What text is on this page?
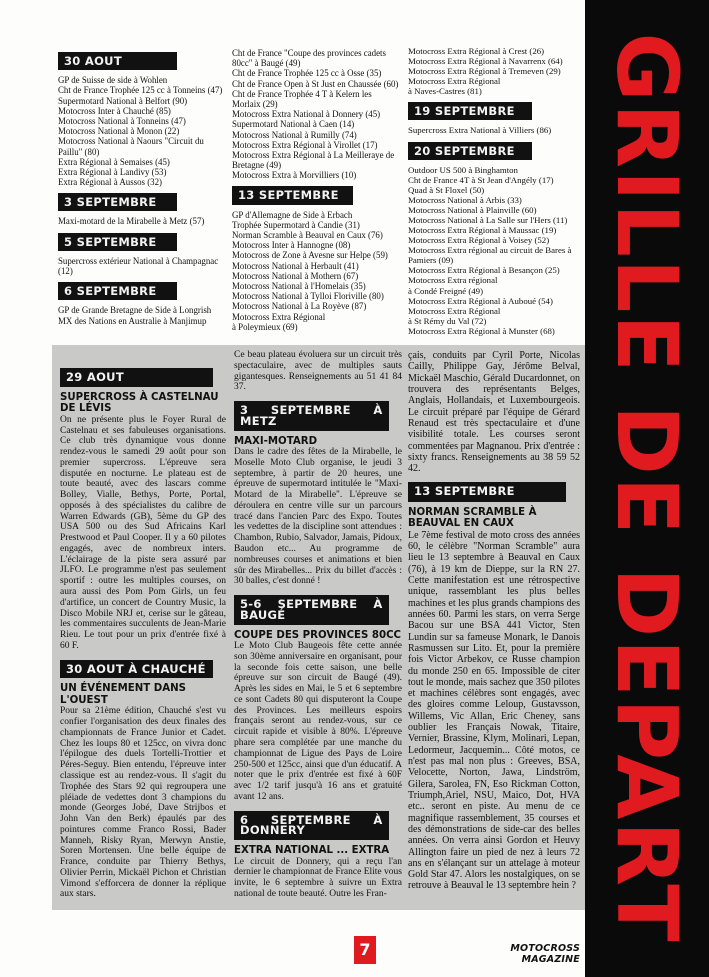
GRILLE DE DEPART
30 AOUT

GP de Suisse de side à Wohlen

Cht de France Trophée 125 cc à Tonneins (47)

Supermotard National à Belfort (90)

Motocross Inter à Chauché (85)

Motocross National à Tonneins (47)

Motocross National à Monon (22)

Motocross National à Naours "Circuit du Paillu" (80)

Extra Régional à Semaises (45)

Extra Régional à Landivy (53)

Extra Régional à Aussos (32)

3 SEPTEMBRE

Maxi-motard de la Mirabelle à Metz (57)

5 SEPTEMBRE

Supercross extérieur National à Champagnac (12)

6 SEPTEMBRE

GP de Grande Bretagne de Side à Longrish

MX des Nations en Australie à Manjimup

Cht de France "Coupe des provinces cadets 80cc" à Baugé (49)

Cht de France Trophée 125 cc à Osse (35)

Cht de France Open à St Just en Chaussée (60)

Cht de France Trophée 4 T à Kelern les Morlaix (29)

Motocross Extra National à Donnery (45)

Supermotard National à Caen (14)

Motocross National à Rumilly (74)

Motocross Extra Régional à Virollet (17)

Motocross Extra Régional à La Meilleraye de Bretagne (49)

Motocross Extra à Morvilliers (10)

13 SEPTEMBRE

GP d'Allemagne de Side à Erbach

Trophée Supermotard à Candie (31)

Norman Scramble à Beauval en Caux (76)

Motocross Inter à Hannogne (08)

Motocross de Zone à Avesne sur Helpe (59)

Motocross National à Herbault (41)

Motocross National à Mothern (67)

Motocross National à l'Homelais (35)

Motocross National à Tylloi Floriville (80)

Motocross National à La Royève (87)

Motocross Extra Régional

à Poleymieux (69)

Motocross Extra Régional à Crest (26)

Motocross Extra Régional à Navarrenx (64)

Motocross Extra Régional à Tremeven (29)

Motocross Extra Régional

à Naves-Castres (81)

19 SEPTEMBRE

Supercross Extra National à Villiers (86)

20 SEPTEMBRE

Outdoor US 500 à Binghamton

Cht de France 4T à St Jean d'Angély (17)

Quad à St Floxel (50)

Motocross National à Arbis (33)

Motocross National à Plainville (60)

Motocross National à La Salle sur l'Hers (11)

Motocross Extra Régional à Maussac (19)

Motocross Extra Régional à Voisey (52)

Motocross Extra régional au circuit de Bares à Pamiers (09)

Motocross Extra Régional à Besançon (25)

Motocross Extra régional

à Condé Freigné (49)

Motocross Extra Régional à Auboué (54)

Motocross Extra Régional

à St Rémy du Val (72)

Motocross Extra Régional à Munster (68)

29 AOUT
SUPERCROSS À CASTELNAU DE LÉVIS

On ne présente plus le Foyer Rural de Castelnau et ses fabuleuses organisations. Ce club très dynamique vous donne rendez-vous le samedi 29 août pour son premier supercross. L'épreuve sera disputée en nocturne. Le plateau est de toute beauté, avec des lascars comme Bolley, Vialle, Bethys, Porte, Portal, opposés à des spécialistes du calibre de Warren Edwards (GB), 5ème du GP des USA 500 ou des Sud Africains Karl Prestwood et Paul Cooper. Il y a 60 pilotes engagés, avec de nombreux inters. L'éclairage de la piste sera assuré par JLFO. Le programme n'est pas seulement sportif : outre les multiples courses, on aura aussi des Pom Pom Girls, un feu d'artifice, un concert de Country Music, la Disco Mobile NRJ et, cerise sur le gâteau, les commentaires succulents de Jean-Marie Rieu. Le tout pour un prix d'entrée fixé à 60 F.

30 AOUT À CHAUCHÉ
UN ÉVÉNEMENT DANS L'OUEST

Pour sa 21ème édition, Chauché s'est vu confier l'organisation des deux finales des championnats de France Junior et Cadet. Chez les loups 80 et 125cc, on vivra donc l'épilogue des duels Tortelli-Trottier et Péres-Seguy. Bien entendu, l'épreuve inter classique est au rendez-vous. Il s'agit du Trophée des Stars 92 qui regroupera une pléiade de vedettes dont 3 champions du monde (Georges Jobé, Dave Strijbos et John Van den Berk) épaulés par des pointures comme Franco Rossi, Bader Manneh, Risky Ryan, Merwyn Anstie, Soren Mortensen. Une belle équipe de France, conduite par Thierry Bethys, Olivier Perrin, Mickaël Pichon et Christian Vimond s'efforcera de donner la réplique aux stars.

Ce beau plateau évoluera sur un circuit très spectaculaire, avec de multiples sauts gigantesques. Renseignements au 51 41 84 37.

3 SEPTEMBRE À METZ
MAXI-MOTARD

Dans le cadre des fêtes de la Mirabelle, le Moselle Moto Club organise, le jeudi 3 septembre, à partir de 20 heures, une épreuve de supermotard intitulée le "Maxi-Motard de la Mirabelle". L'épreuve se déroulera en centre ville sur un parcours tracé dans l'ancien Parc des Expo. Toutes les vedettes de la discipline sont attendues : Chambon, Rubio, Salvador, Jamais, Pidoux, Baudon etc... Au programme de nombreuses courses et animations et bien sûr des Mirabelles... Prix du billet d'accès : 30 balles, c'est donné !

5-6 SEPTEMBRE À BAUGÉ
COUPE DES PROVINCES 80CC

Le Moto Club Baugeois fête cette année son 30ème anniversaire en organisant, pour la seconde fois cette saison, une belle épreuve sur son circuit de Baugé (49). Après les sides en Mai, le 5 et 6 septembre ce sont Cadets 80 qui disputeront la Coupe des Provinces. Les meilleurs espoirs français seront au rendez-vous, sur ce circuit rapide et visible à 80%. L'épreuve phare sera complétée par une manche du championnat de Ligue des Pays de Loire 250-500 et 125cc, ainsi que d'un éducatif. A noter que le prix d'entrée est fixé à 60F avec 1/2 tarif jusqu'à 16 ans et gratuité avant 12 ans.

6 SEPTEMBRE À DONNERY
EXTRA NATIONAL ... EXTRA

Le circuit de Donnery, qui a reçu l'an dernier le championnat de France Elite vous invite, le 6 septembre à suivre un Extra national de toute beauté. Outre les Fran-

çais, conduits par Cyril Porte, Nicolas Cailly, Philippe Gay, Jérôme Belval, Mickaël Maschio, Gérald Ducardonnet, on trouvera des représentants Belges, Anglais, Hollandais, et Luxembourgeois. Le circuit préparé par l'équipe de Gérard Renaud est très spectaculaire et d'une visibilité totale. Les courses seront commentées par Magnanou. Prix d'entrée : sixty francs. Renseignements au 38 59 52 42.

13 SEPTEMBRE
NORMAN SCRAMBLE À BEAUVAL EN CAUX

Le 7ème festival de moto cross des années 60, le célèbre "Norman Scramble" aura lieu le 13 septembre à Beauval en Caux (76), à 19 km de Dieppe, sur la RN 27. Cette manifestation est une rétrospective unique, rassemblant les plus belles machines et les plus grands champions des années 60. Parmi les stars, on verra Serge Bacou sur une BSA 441 Victor, Sten Lundin sur sa fameuse Monark, le Danois Rasmussen sur Lito. Et, pour la première fois Victor Arbekov, ce Russe champion du monde 250 en 65. Impossible de citer tout le monde, mais sachez que 350 pilotes et machines célèbres sont engagés, avec des gloires comme Leloup, Gustavsson, Willems, Vic Allan, Eric Cheney, sans oublier les Français Nowak, Titaire, Vernier, Brassine, Klym, Molinari, Lepan, Ledormeur, Jacquemin... Côté motos, ce n'est pas mal non plus : Greeves, BSA, Velocette, Norton, Jawa, Lindström, Gilera, Sarolea, FN, Eso Rickman Cotton, Triumph,Ariel, NSU, Maico, Dot, HVA etc.. seront en piste. Au menu de ce magnifique rassemblement, 35 courses et des démonstrations de side-car des belles années. On verra ainsi Gordon et Heuvy Allington faire un pied de nez à leurs 72 ans en s'élançant sur un attelage à moteur Gold Star 47. Alors les nostalgiques, on se retrouve à Beauval le 13 septembre hein ?

7	MOTOCROSS MAGAZINE
